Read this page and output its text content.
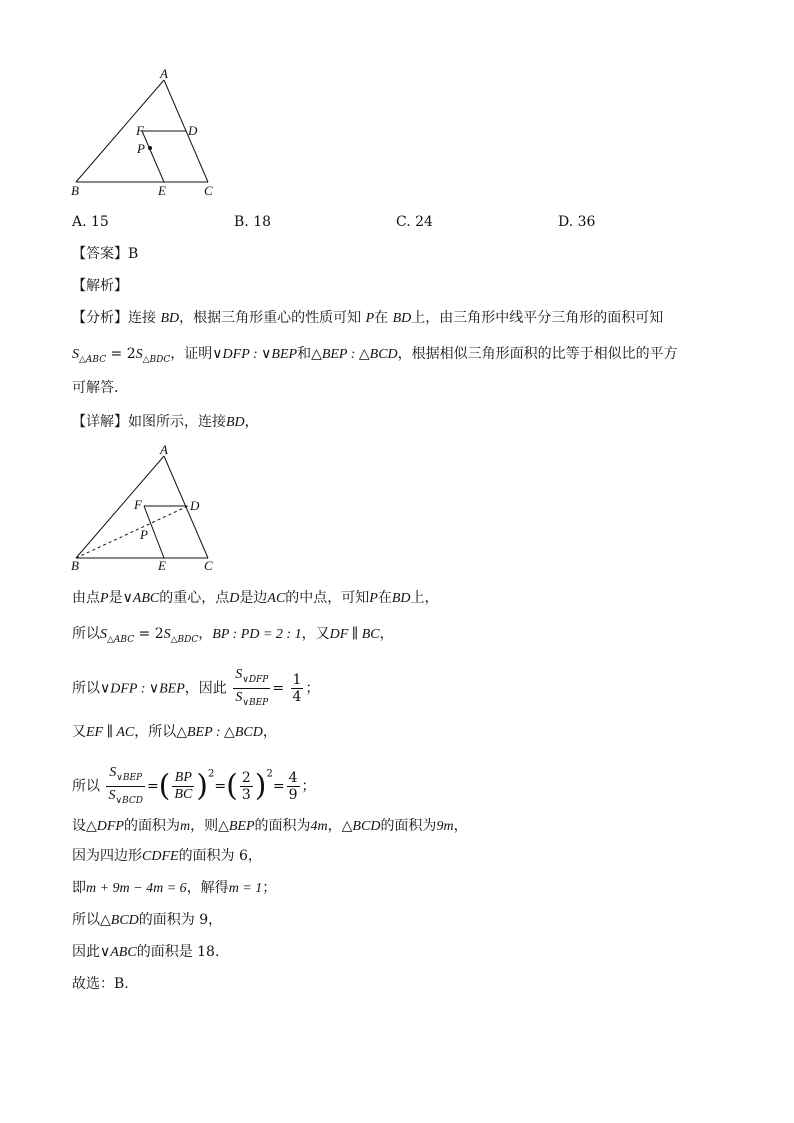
A
F	D
P
B	E	C
A. 15	B. 18	C. 24	D. 36
【答案】B
【解析】
【分析】连接 BD，根据三角形重心的性质可知 P在 BD上，由三角形中线平分三角形的面积可知
$S_{\triangle ABC} = 2S_{\triangle BDC}$，证明∨DFP : ∨BEP和△BEP : △BCD，根据相似三角形面积的比等于相似比的平方
可解答.
【详解】如图所示，连接BD，
A
F	D
P
B	E	C
由点P是∨ABC的重心，点D是边AC的中点，可知P在BD上，
所以$S_{\triangle ABC} = 2S_{\triangle BDC}$，BP : PD = 2 : 1，又DF ∥ BC，
所以∨DFP : ∨BEP，因此 $\frac{S_{\vee DFP}}{S_{\vee BEP}} = \frac{1}{4}$ ；
又EF ∥ AC，所以△BEP : △BCD，
所以 $\frac{S_{\vee BEP}}{S_{\vee BCD}}$ =( $\frac{BP}{BC} )^2=( \frac{2}{3} )^2= \frac{4}{9}$ ；
设△DFP的面积为m，则△BEP的面积为4m，△BCD的面积为9m，
因为四边形CDFE的面积为 6，
即m + 9m − 4m = 6，解得m = 1；
所以△BCD的面积为 9，
因此∨ABC的面积是 18.
故选：B.
